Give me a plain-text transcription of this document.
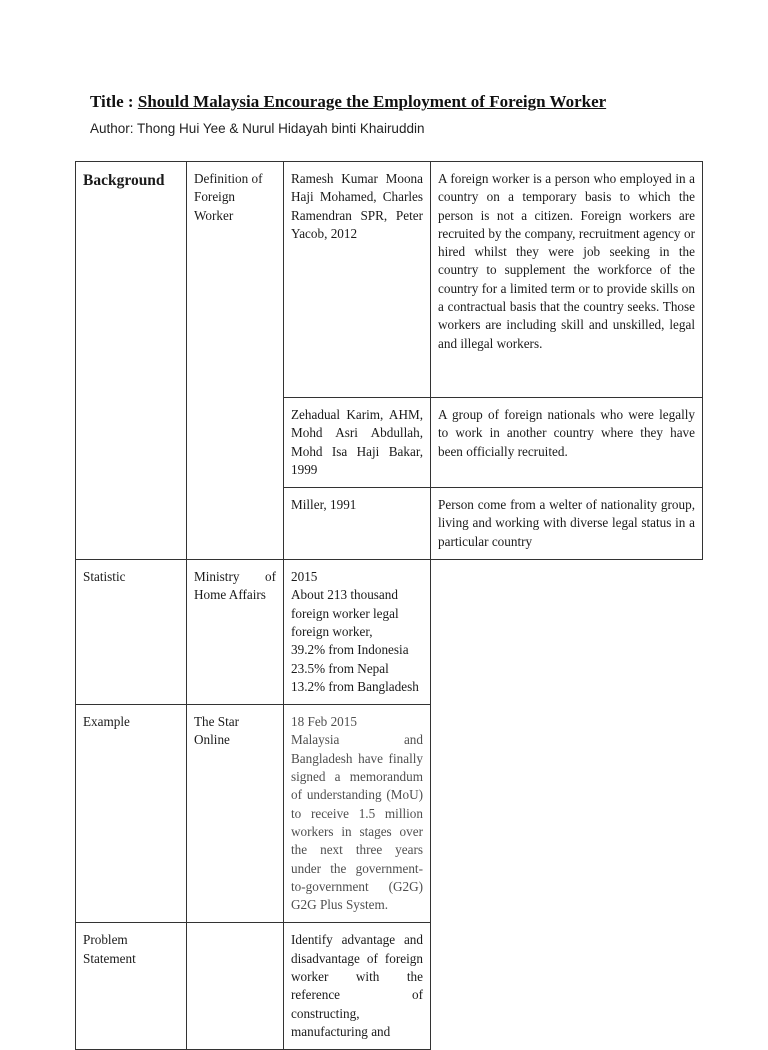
Title : Should Malaysia Encourage the Employment of Foreign Worker
Author: Thong Hui Yee & Nurul Hidayah binti Khairuddin
Background	Definition of Foreign Worker	Ramesh Kumar Moona Haji Mohamed, Charles Ramendran SPR, Peter Yacob, 2012	A foreign worker is a person who employed in a country on a temporary basis to which the person is not a citizen. Foreign workers are recruited by the company, recruitment agency or hired whilst they were job seeking in the country to supplement the workforce of the country for a limited term or to provide skills on a contractual basis that the country seeks. Those workers are including skill and unskilled, legal and illegal workers.
		Zehadual Karim, AHM, Mohd Asri Abdullah, Mohd Isa Haji Bakar, 1999	A group of foreign nationals who were legally to work in another country where they have been officially recruited.
		Miller, 1991	Person come from a welter of nationality group, living and working with diverse legal status in a particular country
Statistic	Ministry of Home Affairs	2015
About 213 thousand foreign worker legal foreign worker,
39.2% from Indonesia
23.5% from Nepal
13.2% from Bangladesh	

Example	The Star Online	18 Feb 2015
Malaysia and Bangladesh have finally signed a memorandum of understanding (MoU) to receive 1.5 million workers in stages over the next three years under the government-to-government (G2G) G2G Plus System.	

Problem Statement		Identify advantage and disadvantage of foreign worker with the reference of constructing, manufacturing and	
